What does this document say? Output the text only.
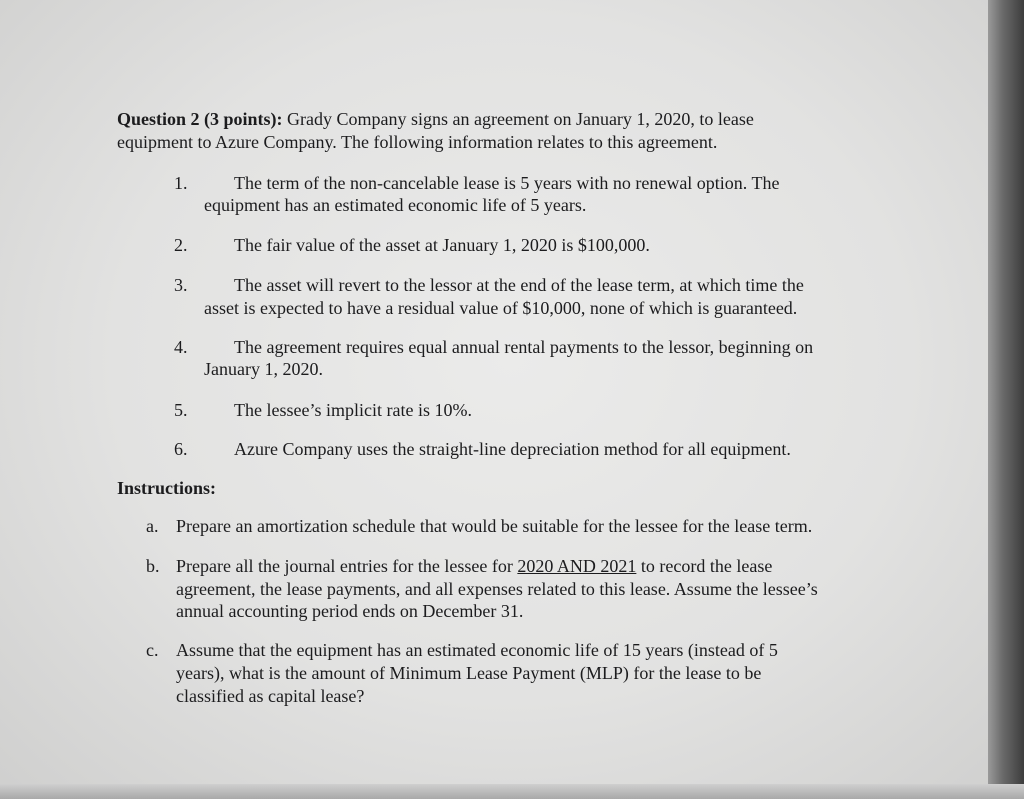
Question 2 (3 points): Grady Company signs an agreement on January 1, 2020, to lease
equipment to Azure Company. The following information relates to this agreement.
1.	The term of the non-cancelable lease is 5 years with no renewal option. The
equipment has an estimated economic life of 5 years.
2.	The fair value of the asset at January 1, 2020 is $100,000.
3.	The asset will revert to the lessor at the end of the lease term, at which time the
asset is expected to have a residual value of $10,000, none of which is guaranteed.
4.	The agreement requires equal annual rental payments to the lessor, beginning on
January 1, 2020.
5.	The lessee’s implicit rate is 10%.
6.	Azure Company uses the straight-line depreciation method for all equipment.
Instructions:
a. Prepare an amortization schedule that would be suitable for the lessee for the lease term.
b. Prepare all the journal entries for the lessee for 2020 AND 2021 to record the lease
agreement, the lease payments, and all expenses related to this lease. Assume the lessee’s
annual accounting period ends on December 31.
c. Assume that the equipment has an estimated economic life of 15 years (instead of 5
years), what is the amount of Minimum Lease Payment (MLP) for the lease to be
classified as capital lease?
